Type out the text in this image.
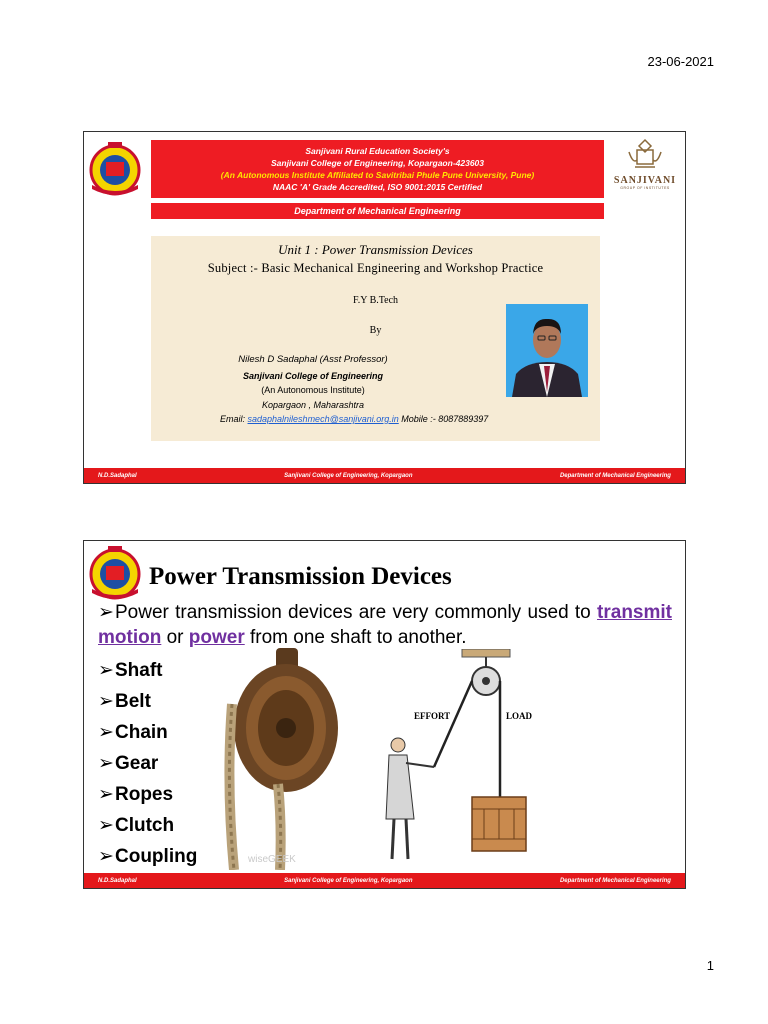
23-06-2021
Sanjivani Rural Education Society's
Sanjivani College of Engineering, Kopargaon-423603
(An Autonomous Institute Affiliated to Savitribai Phule Pune University, Pune)
NAAC 'A' Grade Accredited, ISO 9001:2015 Certified
SANJIVANI
GROUP OF INSTITUTES
Department of Mechanical Engineering
Unit 1 : Power Transmission Devices
Subject :- Basic Mechanical Engineering and Workshop Practice
F.Y B.Tech
By
Nilesh D Sadaphal (Asst Professor)
Sanjivani College of Engineering
(An Autonomous Institute)
Kopargaon , Maharashtra
Email: sadaphalnileshmech@sanjivani.org.in Mobile :- 8087889397
N.D.Sadaphal	Sanjivani College of Engineering, Kopargaon	Department of Mechanical Engineering
Power Transmission Devices
➢Power transmission devices are very commonly used to transmit motion or power from one shaft to another.
➢Shaft
➢Belt
➢Chain
➢Gear
➢Ropes
➢Clutch
➢Coupling	wiseGEEK
EFFORT	LOAD
N.D.Sadaphal	Sanjivani College of Engineering, Kopargaon	Department of Mechanical Engineering
1
